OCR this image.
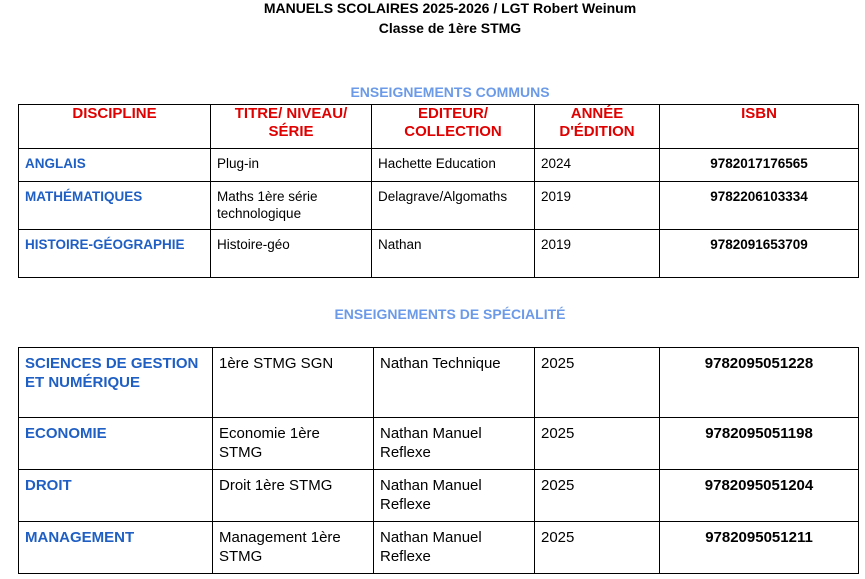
MANUELS SCOLAIRES 2025-2026 / LGT Robert Weinum
Classe de 1ère STMG
ENSEIGNEMENTS COMMUNS
DISCIPLINE	TITRE/ NIVEAU/ SÉRIE	EDITEUR/ COLLECTION	ANNÉE D'ÉDITION	ISBN
ANGLAIS	Plug-in	Hachette Education	2024	9782017176565
MATHÉMATIQUES	Maths 1ère série technologique	Delagrave/Algomaths	2019	9782206103334
HISTOIRE-GÉOGRAPHIE	Histoire-géo	Nathan	2019	9782091653709
ENSEIGNEMENTS DE SPÉCIALITÉ
SCIENCES DE GESTION ET NUMÉRIQUE	1ère STMG SGN	Nathan Technique	2025	9782095051228
ECONOMIE	Economie 1ère STMG	Nathan Manuel Reflexe	2025	9782095051198
DROIT	Droit 1ère STMG	Nathan Manuel Reflexe	2025	9782095051204
MANAGEMENT	Management 1ère STMG	Nathan Manuel Reflexe	2025	9782095051211
